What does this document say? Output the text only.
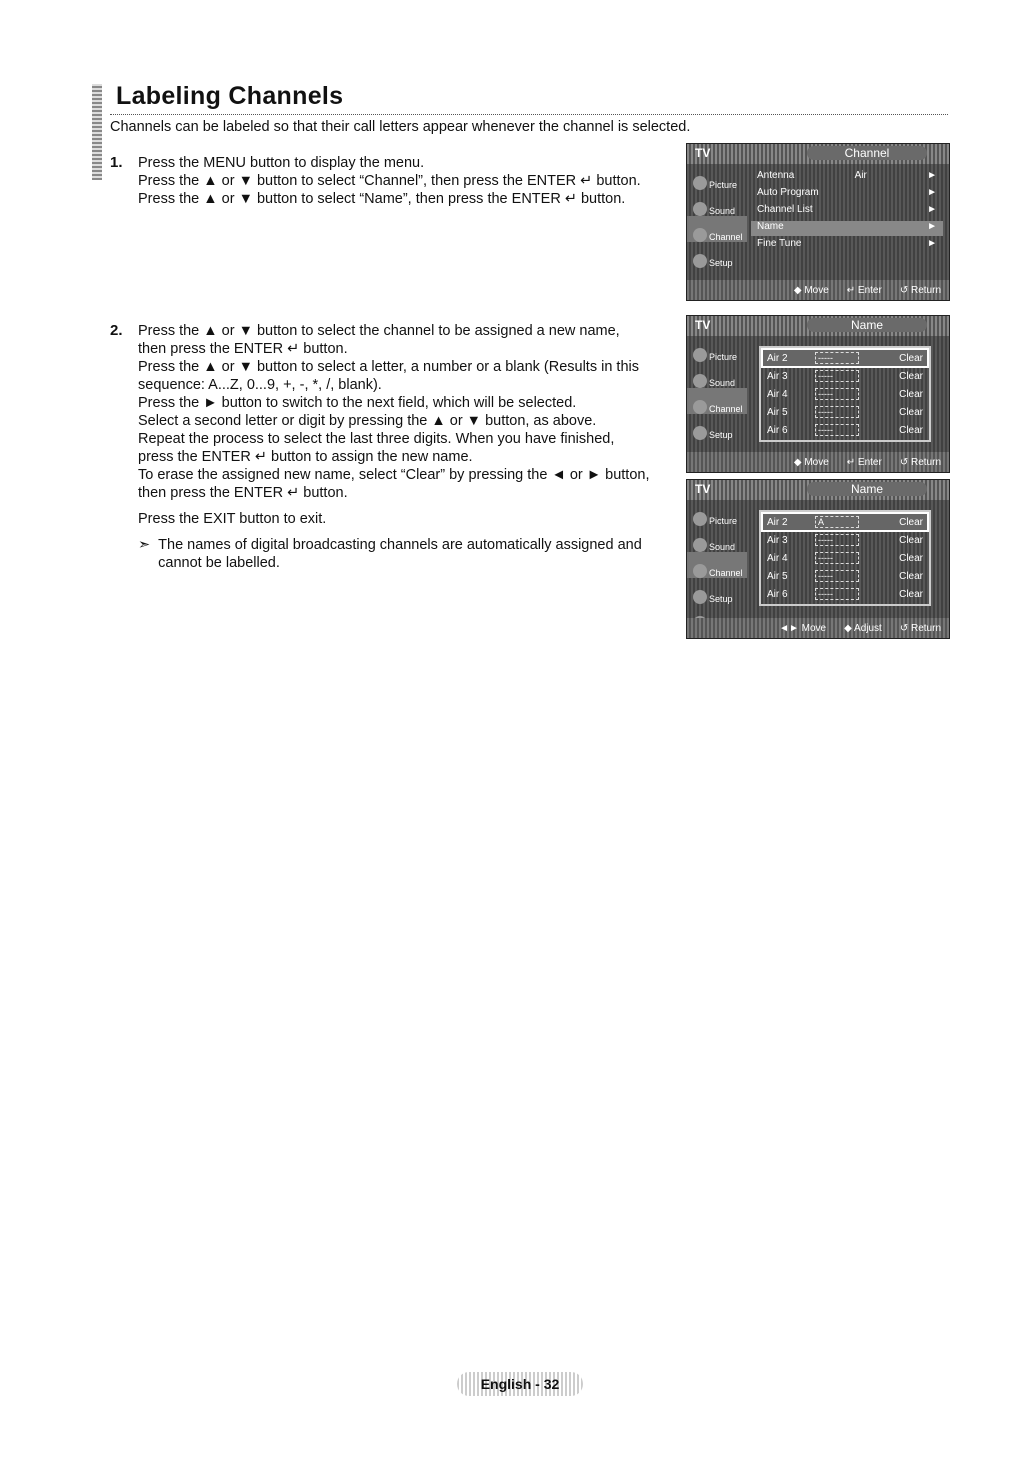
Labeling Channels

Channels can be labeled so that their call letters appear whenever the channel is selected.

1. Press the MENU button to display the menu.

Press the ▲ or ▼ button to select “Channel”, then press the ENTER ↵ button.

Press the ▲ or ▼ button to select “Name”, then press the ENTER ↵ button.

2. Press the ▲ or ▼ button to select the channel to be assigned a new name,

then press the ENTER ↵ button.

Press the ▲ or ▼ button to select a letter, a number or a blank (Results in this

sequence: A...Z, 0...9, +, -, *, /, blank).

Press the ► button to switch to the next field, which will be selected.

Select a second letter or digit by pressing the ▲ or ▼ button, as above.

Repeat the process to select the last three digits. When you have finished,

press the ENTER ↵ button to assign the new name.

To erase the assigned new name, select “Clear” by pressing the ◄ or ► button,

then press the ENTER ↵ button.

Press the EXIT button to exit.

➣ The names of digital broadcasting channels are automatically assigned and

cannot be labelled.

TV	Channel
Picture
Sound
Channel
Setup
Antenna	Air	►
Auto Program	►
Channel List	►
Name	►
Fine Tune	►
◆ Move ↵ Enter ↺ Return
TV	Name
Picture
Sound
Channel
Setup
Air 2	-----	Clear
Air 3	-----	Clear
Air 4	-----	Clear
Air 5	-----	Clear
Air 6	-----	Clear
◆ Move ↵ Enter ↺ Return
TV	Name
Picture
Sound
Channel
Setup
Air 2	A	Clear
Air 3	-----	Clear
Air 4	-----	Clear
Air 5	-----	Clear
Air 6	-----	Clear
◄► Move ◆ Adjust ↺ Return
English - 32
